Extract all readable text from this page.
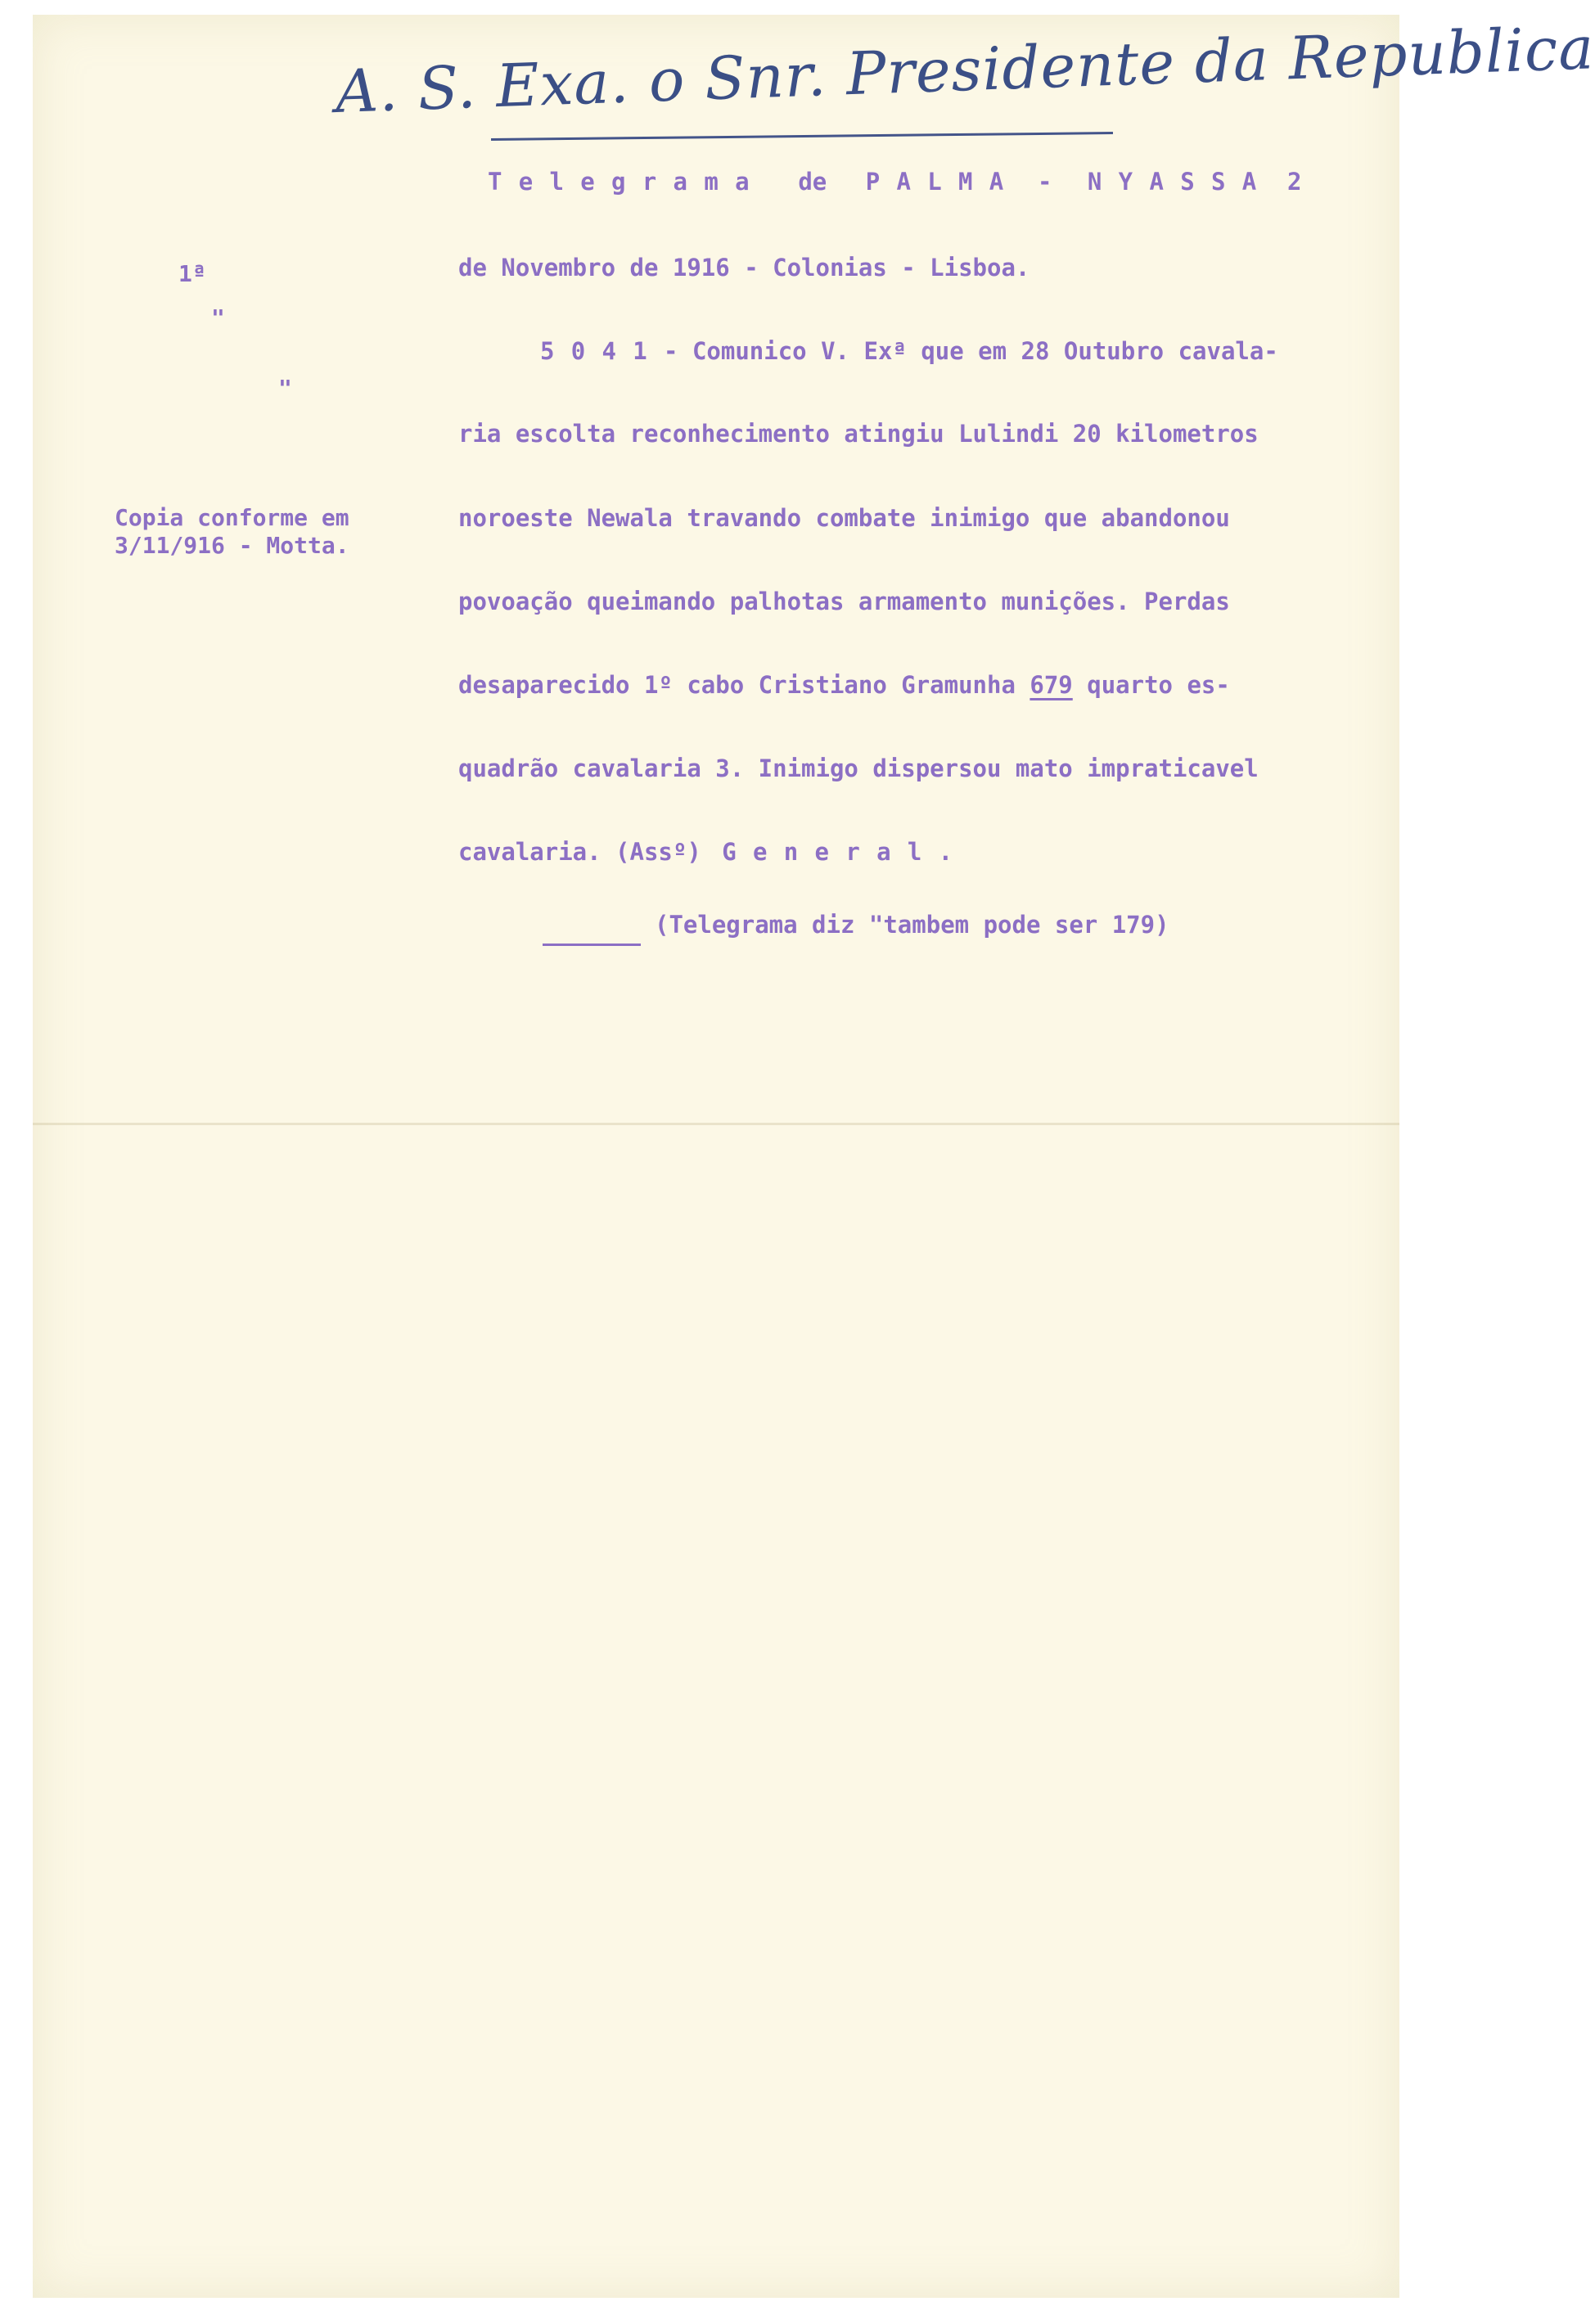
A. S. Exa. o Snr. Presidente da Republica
Telegrama de PALMA - NYASSA 2
1ª
"
"
Copia conforme em
3/11/916 - Motta.
de Novembro de 1916 - Colonias - Lisboa.
5041- Comunico V. Exª que em 28 Outubro cavala-
ria escolta reconhecimento atingiu Lulindi 20 kilometros
noroeste Newala travando combate inimigo que abandonou
povoação queimando palhotas armamento munições. Perdas
desaparecido 1º cabo Cristiano Gramunha 679 quarto es-
quadrão cavalaria 3. Inimigo dispersou mato impraticavel
cavalaria. (Assº) General.
(Telegrama diz "tambem pode ser 179)
